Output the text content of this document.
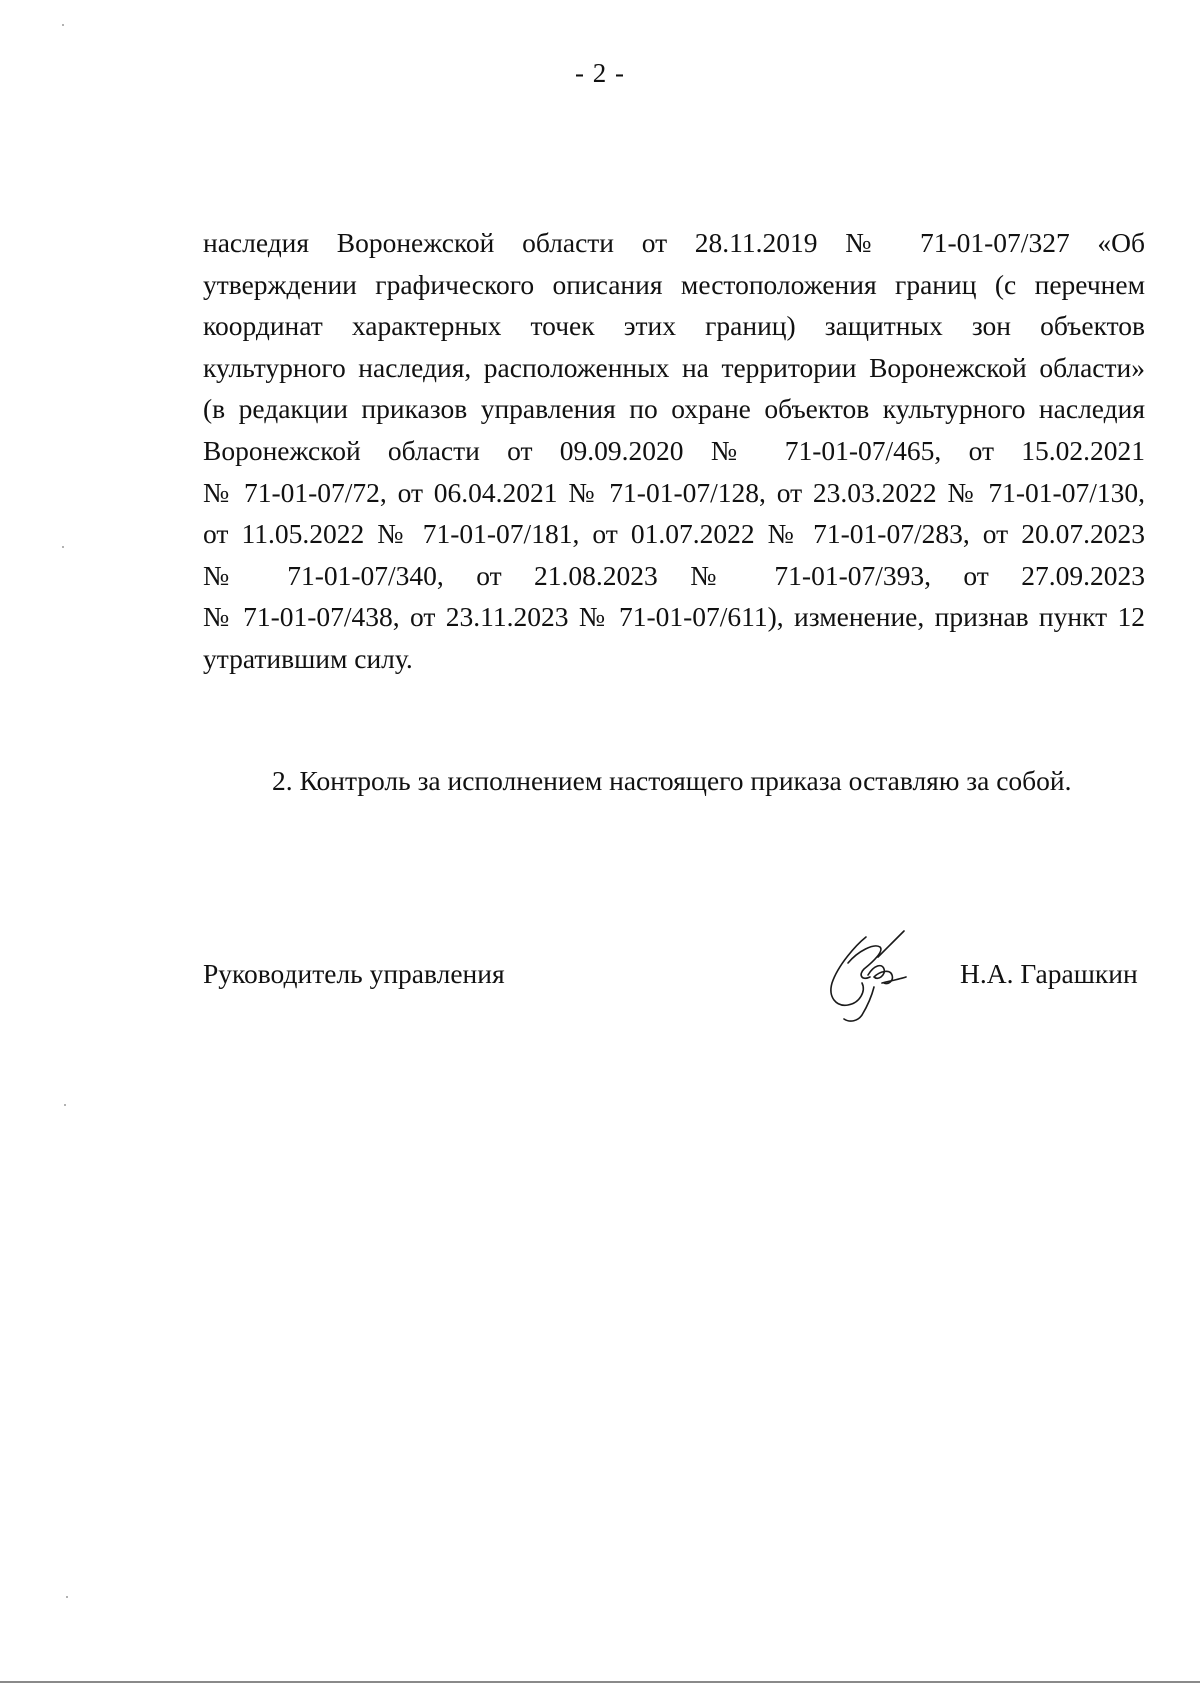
- 2 -
наследия Воронежской области от 28.11.2019 № 71-01-07/327 «Об
утверждении графического описания местоположения границ (с перечнем
координат характерных точек этих границ) защитных зон объектов
культурного наследия, расположенных на территории Воронежской области»
(в редакции приказов управления по охране объектов культурного наследия
Воронежской области от 09.09.2020 № 71-01-07/465, от 15.02.2021
№ 71-01-07/72, от 06.04.2021 № 71-01-07/128, от 23.03.2022 № 71-01-07/130,
от 11.05.2022 № 71-01-07/181, от 01.07.2022 № 71-01-07/283, от 20.07.2023
№ 71-01-07/340, от 21.08.2023 № 71-01-07/393, от 27.09.2023
№ 71-01-07/438, от 23.11.2023 № 71-01-07/611), изменение, признав пункт 12
утратившим силу.
2. Контроль за исполнением настоящего приказа оставляю за собой.
Руководитель управления	Н.А. Гарашкин
